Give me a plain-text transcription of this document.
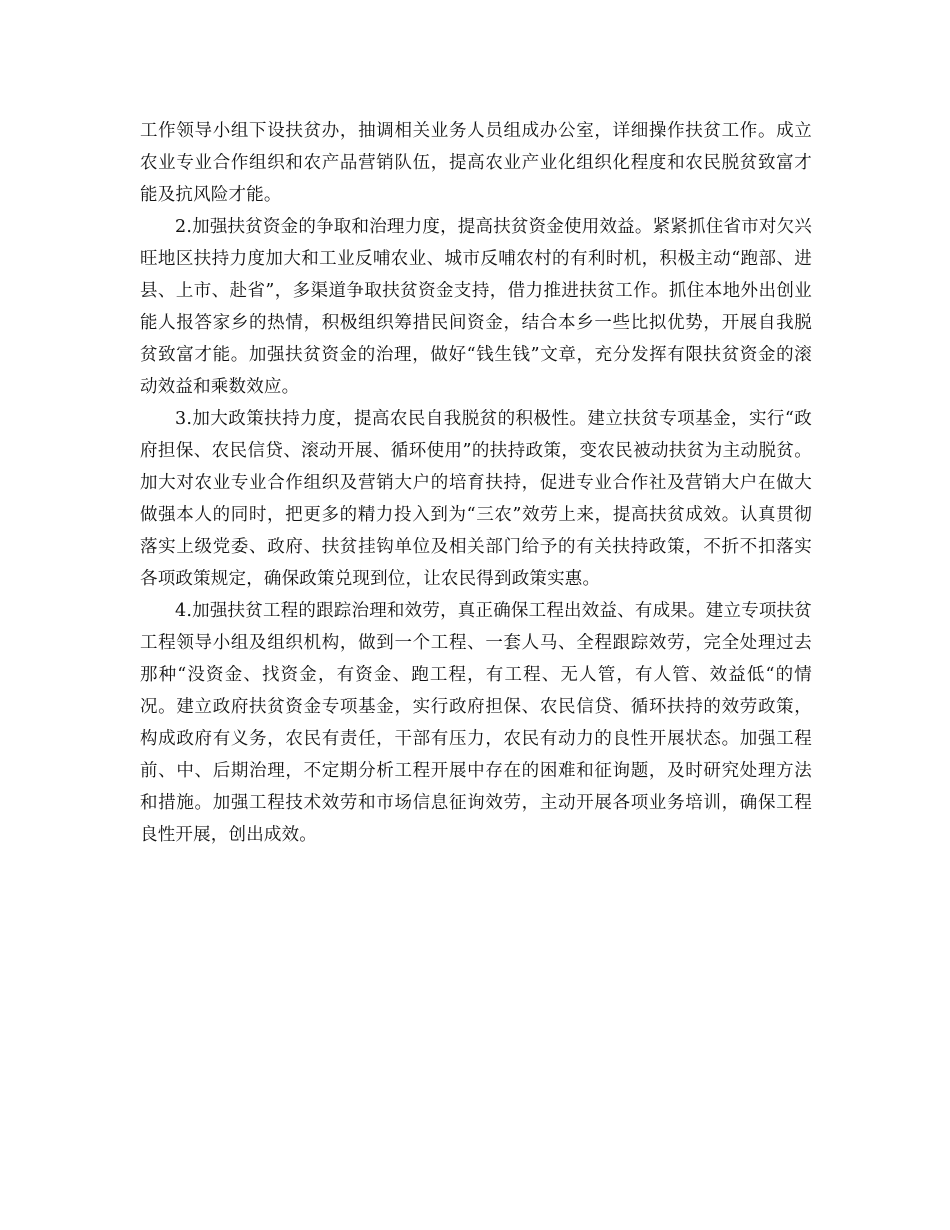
工作领导小组下设扶贫办，抽调相关业务人员组成办公室，详细操作扶贫工作。成立农业专业合作组织和农产品营销队伍，提高农业产业化组织化程度和农民脱贫致富才能及抗风险才能。

2.加强扶贫资金的争取和治理力度，提高扶贫资金使用效益。紧紧抓住省市对欠兴旺地区扶持力度加大和工业反哺农业、城市反哺农村的有利时机，积极主动“跑部、进县、上市、赴省”，多渠道争取扶贫资金支持，借力推进扶贫工作。抓住本地外出创业能人报答家乡的热情，积极组织筹措民间资金，结合本乡一些比拟优势，开展自我脱贫致富才能。加强扶贫资金的治理，做好“钱生钱”文章，充分发挥有限扶贫资金的滚动效益和乘数效应。

3.加大政策扶持力度，提高农民自我脱贫的积极性。建立扶贫专项基金，实行“政府担保、农民信贷、滚动开展、循环使用”的扶持政策，变农民被动扶贫为主动脱贫。加大对农业专业合作组织及营销大户的培育扶持，促进专业合作社及营销大户在做大做强本人的同时，把更多的精力投入到为“三农”效劳上来，提高扶贫成效。认真贯彻落实上级党委、政府、扶贫挂钩单位及相关部门给予的有关扶持政策，不折不扣落实各项政策规定，确保政策兑现到位，让农民得到政策实惠。

4.加强扶贫工程的跟踪治理和效劳，真正确保工程出效益、有成果。建立专项扶贫工程领导小组及组织机构，做到一个工程、一套人马、全程跟踪效劳，完全处理过去那种“没资金、找资金，有资金、跑工程，有工程、无人管，有人管、效益低“的情况。建立政府扶贫资金专项基金，实行政府担保、农民信贷、循环扶持的效劳政策，构成政府有义务，农民有责任，干部有压力，农民有动力的良性开展状态。加强工程前、中、后期治理，不定期分析工程开展中存在的困难和征询题，及时研究处理方法和措施。加强工程技术效劳和市场信息征询效劳，主动开展各项业务培训，确保工程良性开展，创出成效。
